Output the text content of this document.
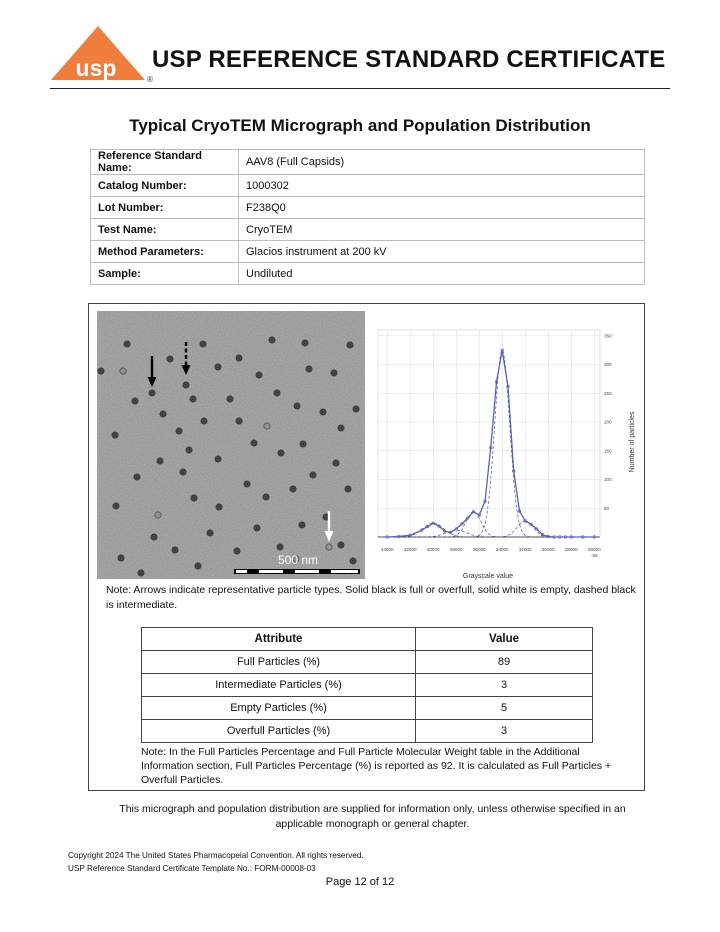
usp	®
USP REFERENCE STANDARD CERTIFICATE
Typical CryoTEM Micrograph and Population Distribution
Reference Standard Name:	AAV8 (Full Capsids)
Catalog Number:	1000302
Lot Number:	F238Q0
Test Name:	CryoTEM
Method Parameters:	Glacios instrument at 200 kV
Sample:	Undiluted
500 nm
44000 42000 40000 38000 36000 34000 32000 30000 28000 26000
-55
50
100
150
200
250
300
350
Grayscale value
Number of particles
Note: Arrows indicate representative particle types. Solid black is full or overfull, solid white is empty, dashed black is intermediate.
Attribute	Value
Full Particles (%)	89
Intermediate Particles (%)	3
Empty Particles (%)	5
Overfull Particles (%)	3
Note: In the Full Particles Percentage and Full Particle Molecular Weight table in the Additional Information section, Full Particles Percentage (%) is reported as 92. It is calculated as Full Particles + Overfull Particles.
This micrograph and population distribution are supplied for information only, unless otherwise specified in an applicable monograph or general chapter.
Copyright 2024 The United States Pharmacopeial Convention. All rights reserved.
USP Reference Standard Certificate Template No.: FORM-00008-03
Page 12 of 12
